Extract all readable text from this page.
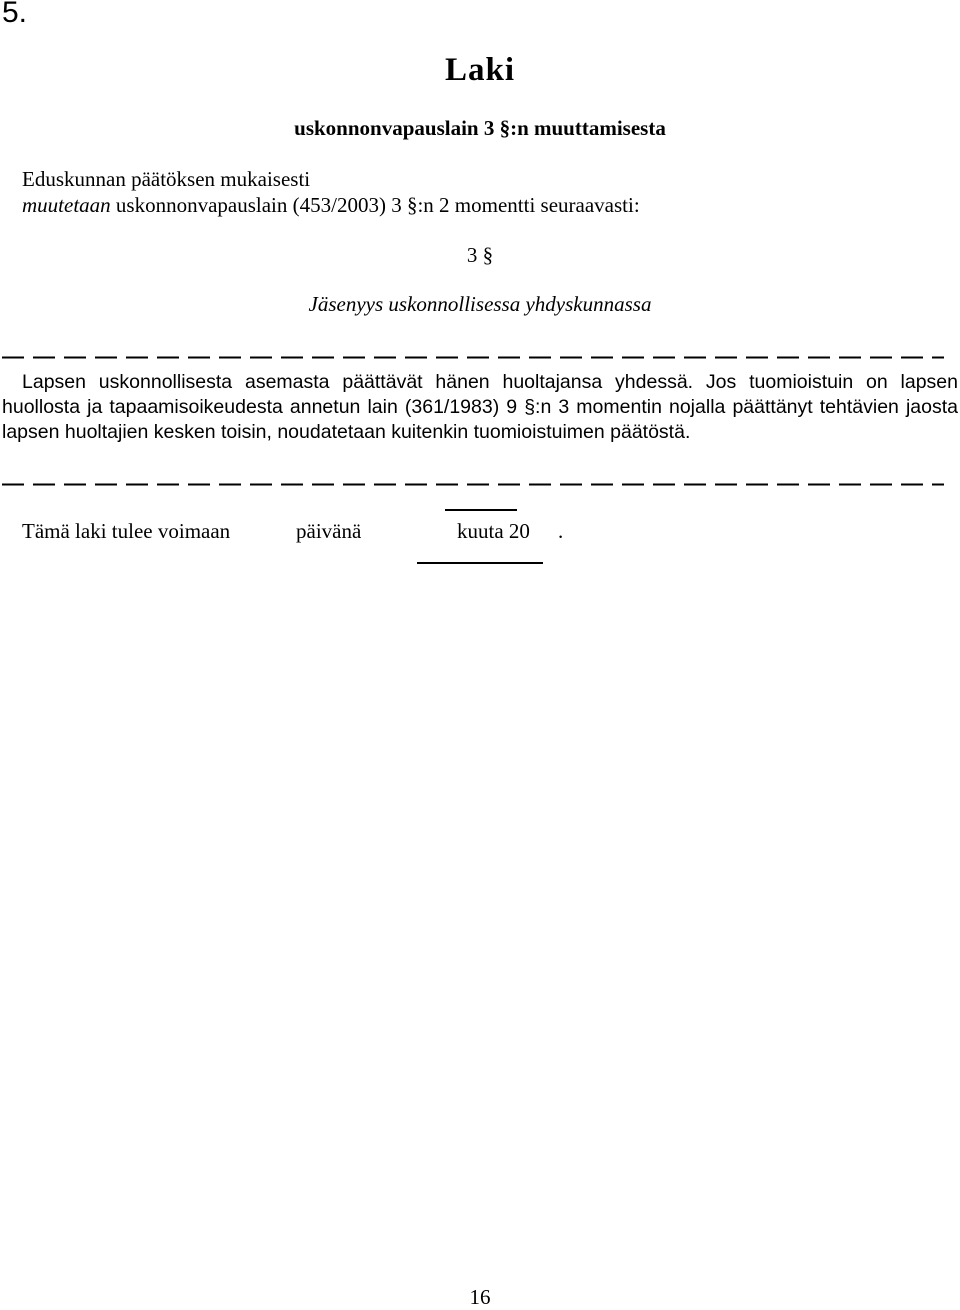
5.
Laki
uskonnonvapauslain 3 §:n muuttamisesta
Eduskunnan päätöksen mukaisesti
muutetaan uskonnonvapauslain (453/2003) 3 §:n 2 momentti seuraavasti:
3 §
Jäsenyys uskonnollisessa yhdyskunnassa
Lapsen uskonnollisesta asemasta päättävät hänen huoltajansa yhdessä. Jos tuomioistuin on lapsen huollosta ja tapaamisoikeudesta annetun lain (361/1983) 9 §:n 3 momentin nojalla päättänyt tehtävien jaosta lapsen huoltajien kesken toisin, noudatetaan kuitenkin tuomioistuimen päätöstä.
Tämä laki tulee voimaan	päivänä	kuuta 20 .
16
